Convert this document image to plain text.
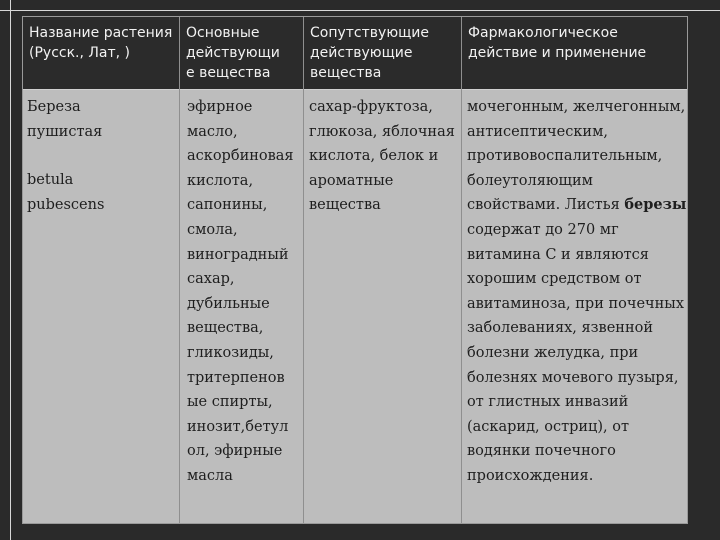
Название растения
(Русск., Лат, )
Основные
действующи
е вещества
Сопутствующие
действующие
вещества
Фармакологическое
действие и применение
Береза
пушистая
betula
pubescens
эфирное
масло,
аскорбиновая
кислота,
сапонины,
смола,
виноградный
сахар,
дубильные
вещества,
гликозиды,
тритерпенов
ые спирты,
инозит,бетул
ол, эфирные
масла
сахар-фруктоза,
глюкоза, яблочная
кислота, белок и
ароматные
вещества
мочегонным, желчегонным,
антисептическим,
противовоспалительным,
болеутоляющим
свойствами. Листья березы
содержат до 270 мг
витамина С и являются
хорошим средством от
авитаминоза, при почечных
заболеваниях, язвенной
болезни желудка, при
болезнях мочевого пузыря,
от глистных инвазий
(аскарид, остриц), от
водянки почечного
происхождения.
